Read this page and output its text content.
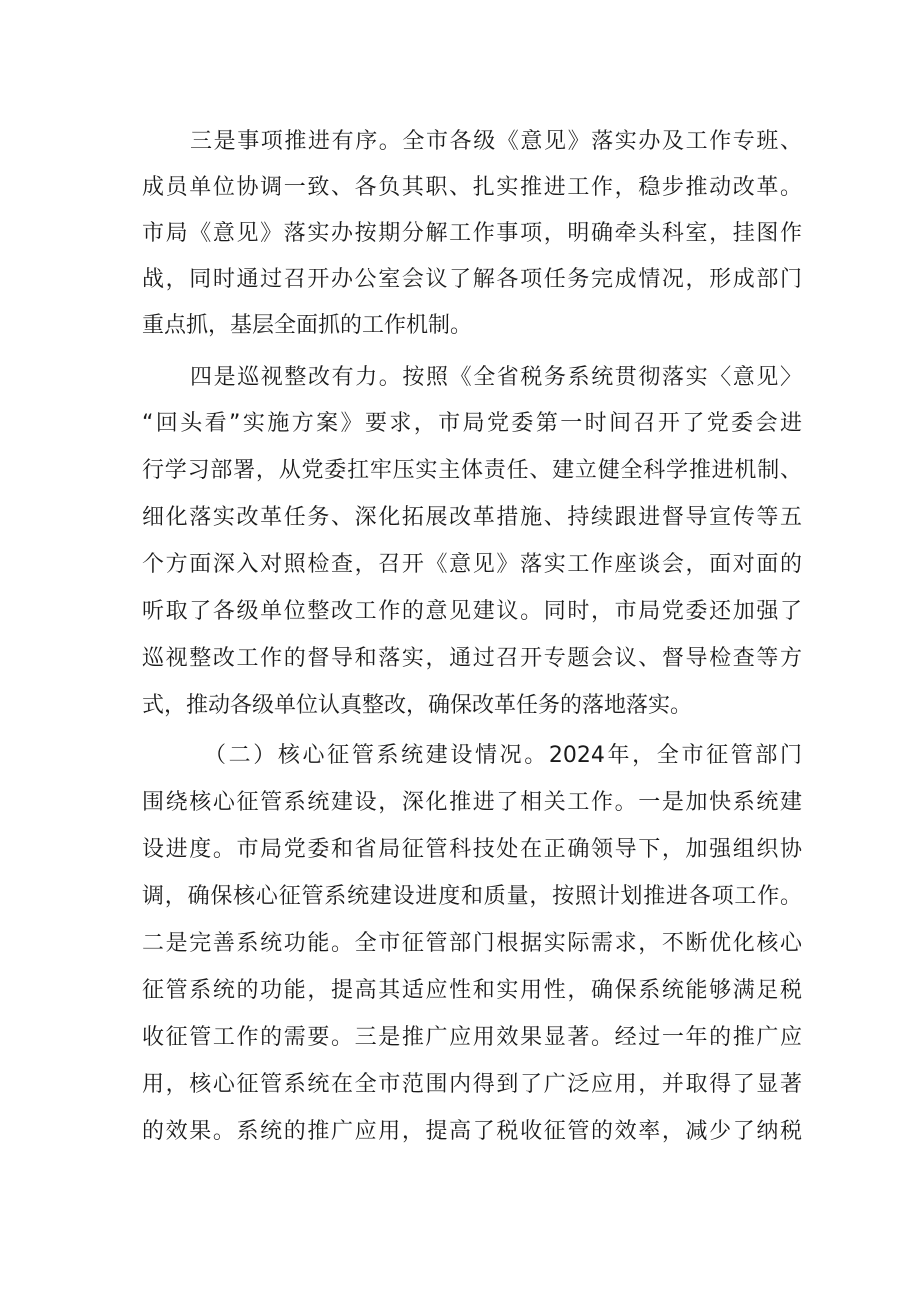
三是事项推进有序。全市各级《意见》落实办及工作专班、
成员单位协调一致、各负其职、扎实推进工作，稳步推动改革。
市局《意见》落实办按期分解工作事项，明确牵头科室，挂图作
战，同时通过召开办公室会议了解各项任务完成情况，形成部门
重点抓，基层全面抓的工作机制。
四是巡视整改有力。按照《全省税务系统贯彻落实〈意见〉
“回头看”实施方案》要求，市局党委第一时间召开了党委会进
行学习部署，从党委扛牢压实主体责任、建立健全科学推进机制、
细化落实改革任务、深化拓展改革措施、持续跟进督导宣传等五
个方面深入对照检查，召开《意见》落实工作座谈会，面对面的
听取了各级单位整改工作的意见建议。同时，市局党委还加强了
巡视整改工作的督导和落实，通过召开专题会议、督导检查等方
式，推动各级单位认真整改，确保改革任务的落地落实。
（二）核心征管系统建设情况。2024年，全市征管部门
围绕核心征管系统建设，深化推进了相关工作。一是加快系统建
设进度。市局党委和省局征管科技处在正确领导下，加强组织协
调，确保核心征管系统建设进度和质量，按照计划推进各项工作。
二是完善系统功能。全市征管部门根据实际需求，不断优化核心
征管系统的功能，提高其适应性和实用性，确保系统能够满足税
收征管工作的需要。三是推广应用效果显著。经过一年的推广应
用，核心征管系统在全市范围内得到了广泛应用，并取得了显著
的效果。系统的推广应用，提高了税收征管的效率，减少了纳税
